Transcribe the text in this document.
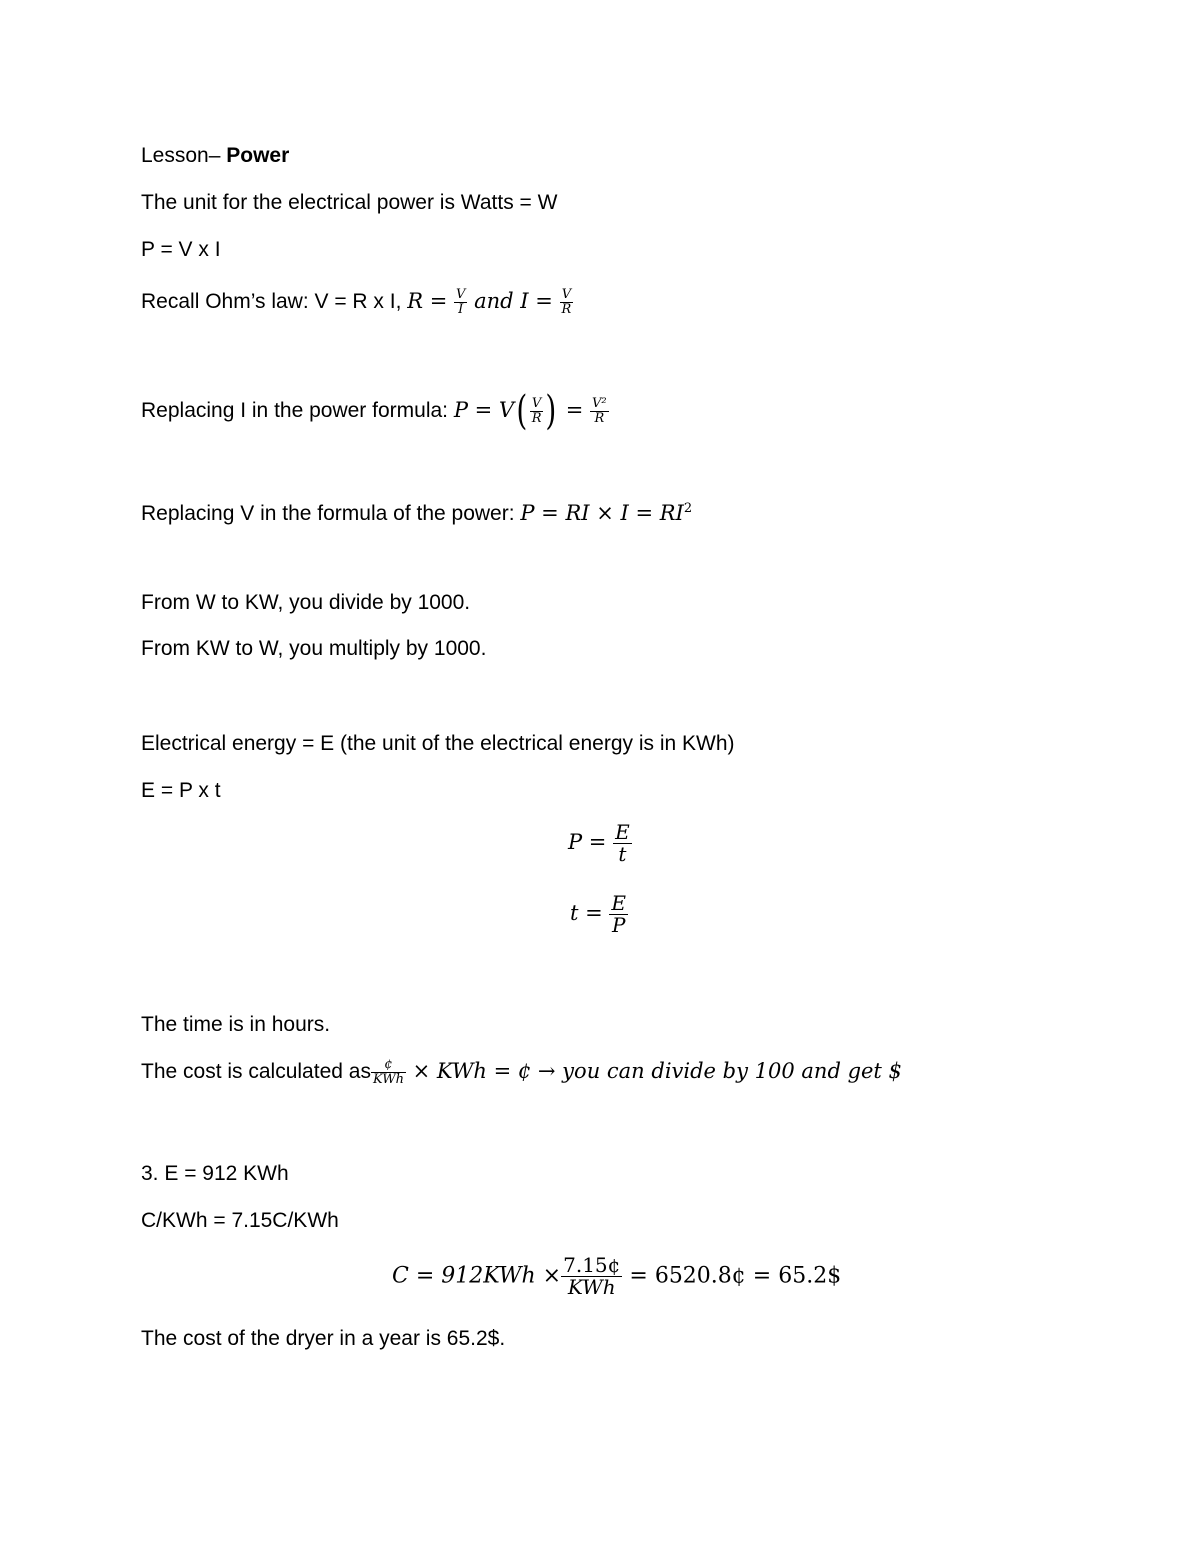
Lesson– Power
The unit for the electrical power is Watts = W
P = V x I
Recall Ohm’s law: V = R x I, $R = \frac{V}{I}$ and $I = \frac{V}{R}$
Replacing I in the power formula: $P = V( \frac{V}{R}$ ) = $\frac{\text{V²}}{R}$
Replacing V in the formula of the power: P = RI × $I = RI^2$
From W to KW, you divide by 1000.
From KW to W, you multiply by 1000.
Electrical energy = E (the unit of the electrical energy is in KWh)
E = P x t
$P = \frac{E}{t}$
$t = \frac{E}{P}$
The time is in hours.
The cost is calculated as $\frac{¢}{\text{KWh}}$ × KWh = ¢ → you can divide by 100 and get $
3. E = 912 KWh
C/KWh = 7.15C/KWh
$C = 912KWh \times \frac{7.15¢}{\text{KWh}}$ = 6520.8¢ = 65.2$
The cost of the dryer in a year is 65.2$.
